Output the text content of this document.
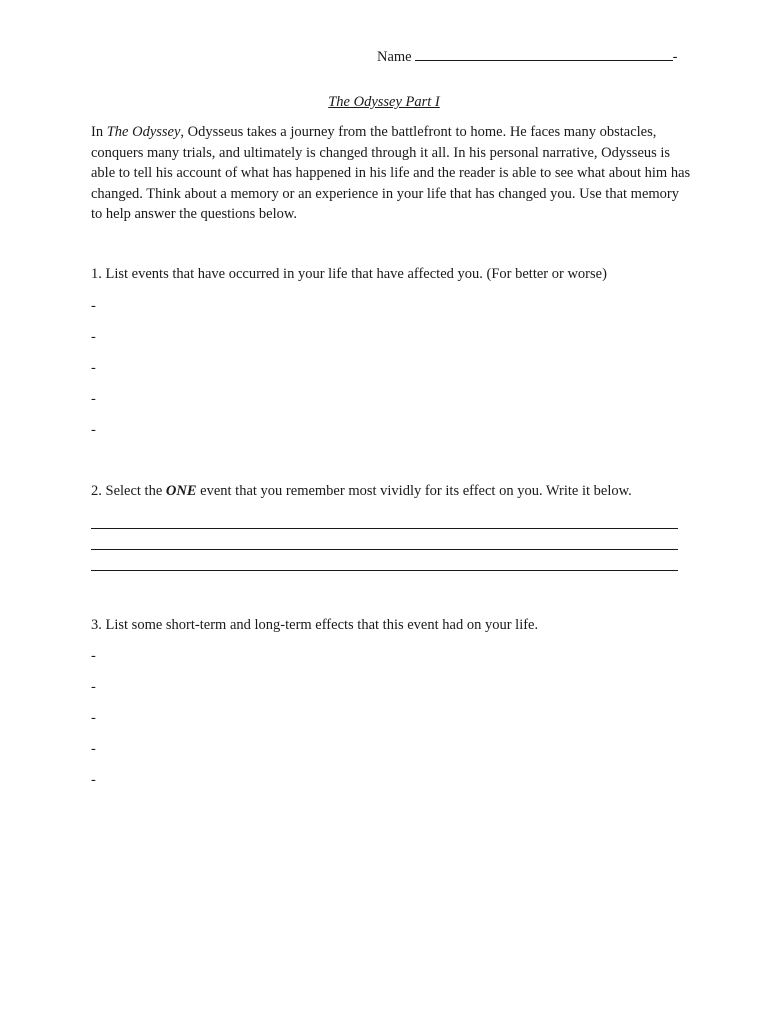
Name	-
The Odyssey Part I
In The Odyssey, Odysseus takes a journey from the battlefront to home. He faces many obstacles, conquers many trials, and ultimately is changed through it all. In his personal narrative, Odysseus is able to tell his account of what has happened in his life and the reader is able to see what about him has changed. Think about a memory or an experience in your life that has changed you. Use that memory to help answer the questions below.
1. List events that have occurred in your life that have affected you. (For better or worse)
-
-
-
-
-
2. Select the ONE event that you remember most vividly for its effect on you. Write it below.
3. List some short-term and long-term effects that this event had on your life.
-
-
-
-
-
